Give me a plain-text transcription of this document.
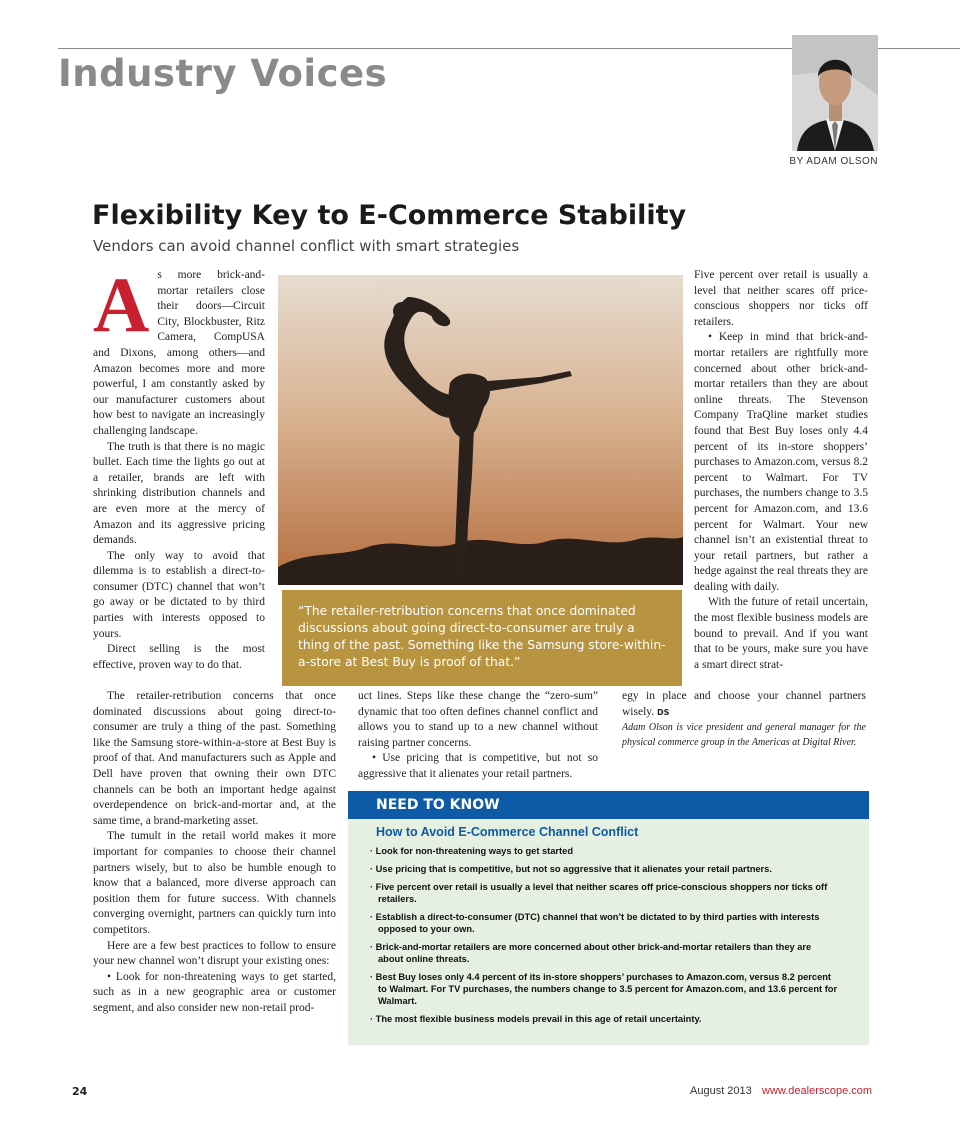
Industry Voices
BY ADAM OLSON
Flexibility Key to E-Commerce Stability
Vendors can avoid channel conflict with smart strategies
A s more brick-and-mortar retailers close their doors—Circuit City, Blockbuster, Ritz Camera, CompUSA and Dixons, among others—and Amazon becomes more and more powerful, I am constantly asked by our manufacturer customers about how best to navigate an increasingly challenging landscape.

The truth is that there is no magic bullet. Each time the lights go out at a retailer, brands are left with shrinking distribution channels and are even more at the mercy of Amazon and its aggressive pricing demands.

The only way to avoid that dilemma is to establish a direct-to-consumer (DTC) channel that won’t go away or be dictated to by third parties with interests opposed to yours.

Direct selling is the most effective, proven way to do that.

“The retailer-retribution concerns that once dominated discussions about going direct-to-consumer are truly a thing of the past. Something like the Samsung store-within-a-store at Best Buy is proof of that.”

Five percent over retail is usually a level that neither scares off price-conscious shoppers nor ticks off retailers.

• Keep in mind that brick-and-mortar retailers are rightfully more concerned about other brick-and-mortar retailers than they are about online threats. The Stevenson Company TraQline market studies found that Best Buy loses only 4.4 percent of its in-store shoppers’ purchases to Amazon.com, versus 8.2 percent to Walmart. For TV purchases, the numbers change to 3.5 percent for Amazon.com, and 13.6 percent for Walmart. Your new channel isn’t an existential threat to your retail partners, but rather a hedge against the real threats they are dealing with daily.

With the future of retail uncertain, the most flexible business models are bound to prevail. And if you want that to be yours, make sure you have a smart direct strat-

The retailer-retribution concerns that once dominated discussions about going direct-to-consumer are truly a thing of the past. Something like the Samsung store-within-a-store at Best Buy is proof of that. And manufacturers such as Apple and Dell have proven that owning their own DTC channels can be both an important hedge against overdependence on brick-and-mortar and, at the same time, a brand-marketing asset.

The tumult in the retail world makes it more important for companies to choose their channel partners wisely, but to also be humble enough to know that a balanced, more diverse approach can position them for future success. With channels converging overnight, partners can quickly turn into competitors.

Here are a few best practices to follow to ensure your new channel won’t disrupt your existing ones:

• Look for non-threatening ways to get started, such as in a new geographic area or customer segment, and also consider new non-retail prod-

uct lines. Steps like these change the “zero-sum” dynamic that too often defines channel conflict and allows you to stand up to a new channel without raising partner concerns.

• Use pricing that is competitive, but not so aggressive that it alienates your retail partners.

egy in place and choose your channel partners wisely. DS

Adam Olson is vice president and general manager for the physical commerce group in the Americas at Digital River.

NEED TO KNOW
How to Avoid E-Commerce Channel Conflict
· Look for non-threatening ways to get started
· Use pricing that is competitive, but not so aggressive that it alienates your retail partners.
· Five percent over retail is usually a level that neither scares off price-conscious shoppers nor ticks off retailers.
· Establish a direct-to-consumer (DTC) channel that won’t be dictated to by third parties with interests opposed to your own.
· Brick-and-mortar retailers are more concerned about other brick-and-mortar retailers than they are about online threats.
· Best Buy loses only 4.4 percent of its in-store shoppers’ purchases to Amazon.com, versus 8.2 percent to Walmart. For TV purchases, the numbers change to 3.5 percent for Amazon.com, and 13.6 percent for Walmart.
· The most flexible business models prevail in this age of retail uncertainty.
24	August 2013 www.dealerscope.com
